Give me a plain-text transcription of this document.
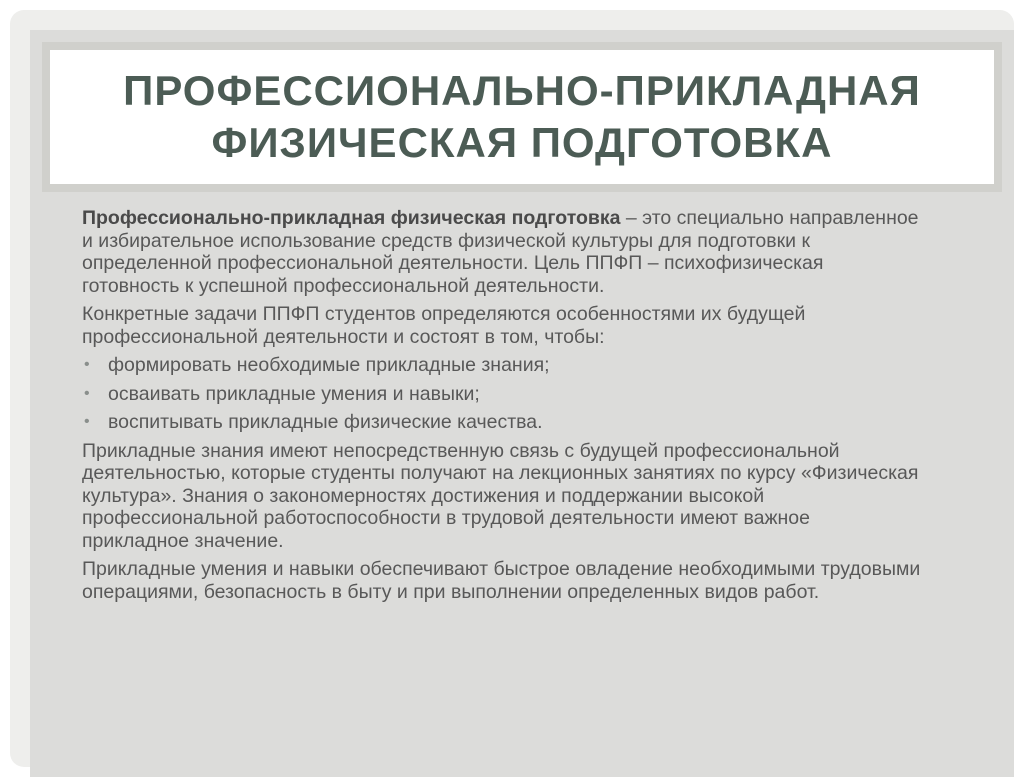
ПРОФЕССИОНАЛЬНО-ПРИКЛАДНАЯ
ФИЗИЧЕСКАЯ ПОДГОТОВКА

Профессионально-прикладная физическая подготовка – это специально направленное и избирательное использование средств физической культуры для подготовки к определенной профессиональной деятельности. Цель ППФП – психофизическая готовность к успешной профессиональной деятельности.

Конкретные задачи ППФП студентов определяются особенностями их будущей профессиональной деятельности и состоят в том, чтобы:

• формировать необходимые прикладные знания;
• осваивать прикладные умения и навыки;
• воспитывать прикладные физические качества.

Прикладные знания имеют непосредственную связь с будущей профессиональной деятельностью, которые студенты получают на лекционных занятиях по курсу «Физическая культура». Знания о закономерностях достижения и поддержании высокой профессиональной работоспособности в трудовой деятельности имеют важное прикладное значение.

Прикладные умения и навыки обеспечивают быстрое овладение необходимыми трудовыми операциями, безопасность в быту и при выполнении определенных видов работ.
